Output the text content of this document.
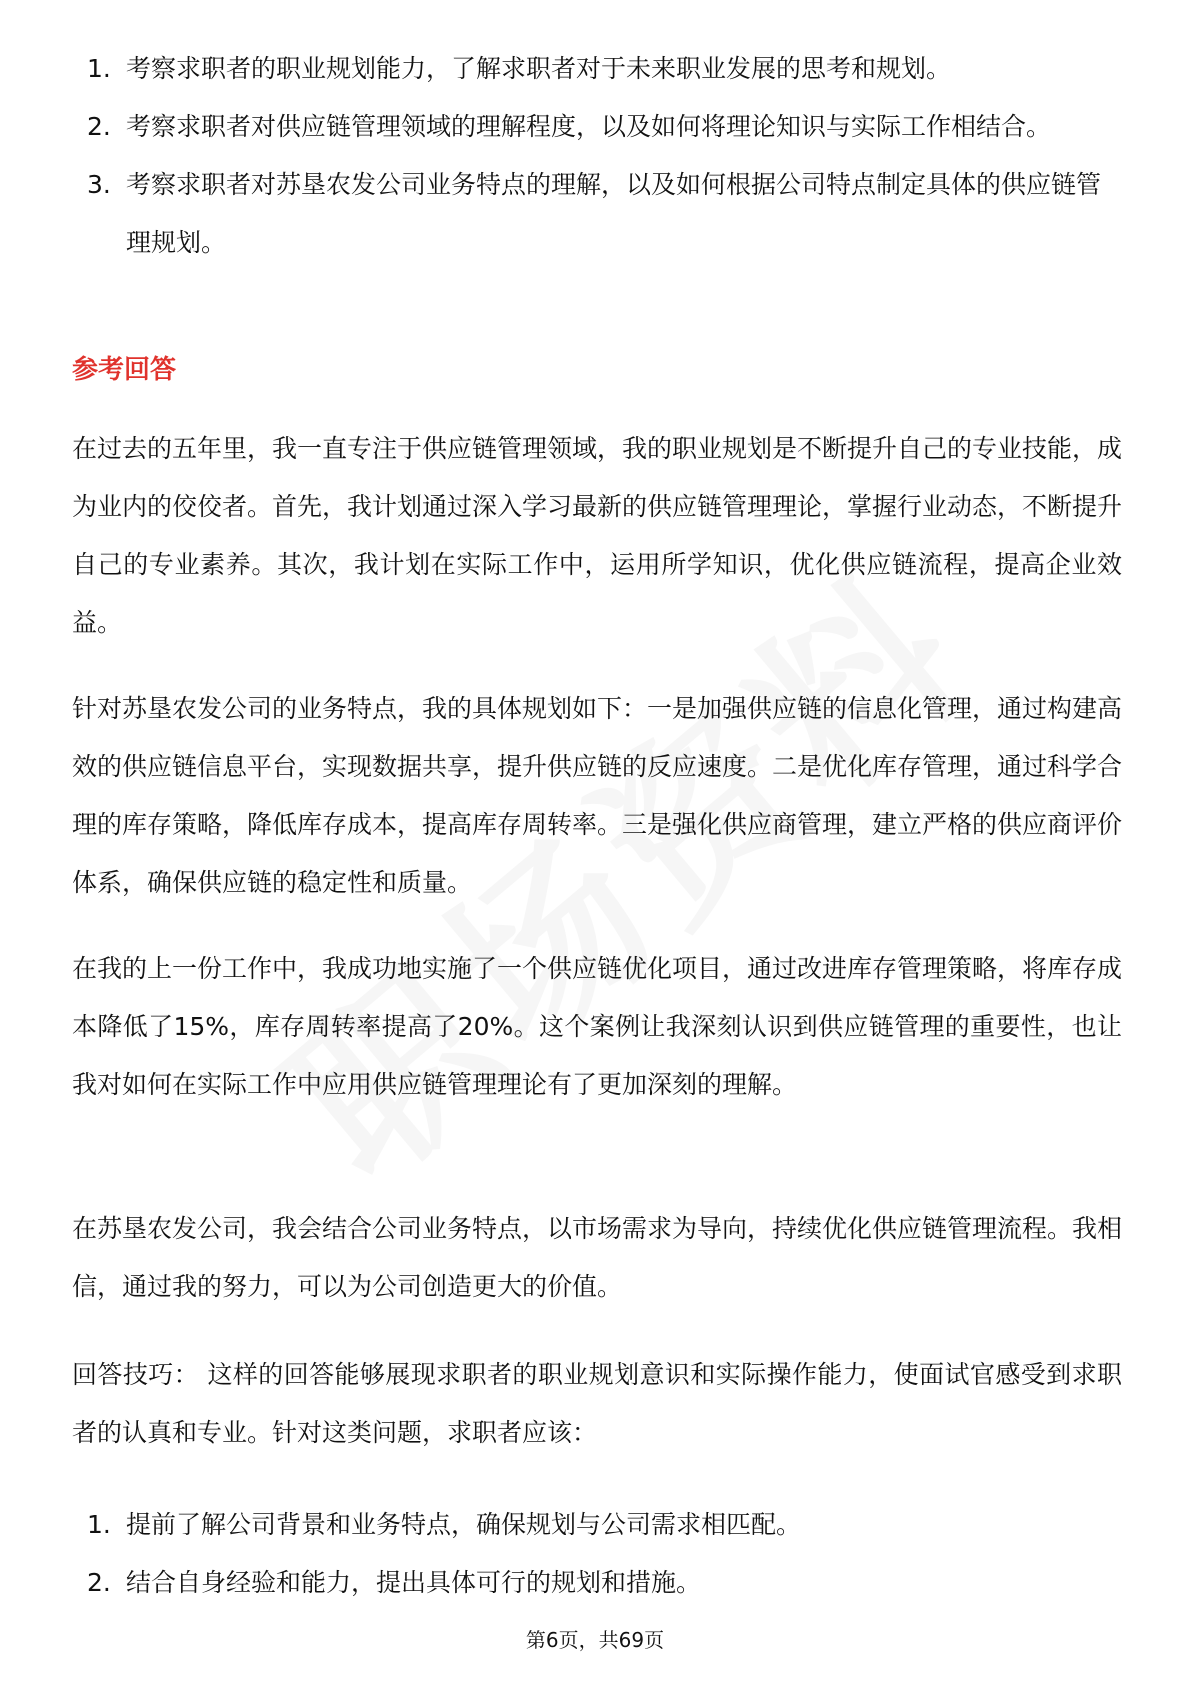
1. 考察求职者的职业规划能力，了解求职者对于未来职业发展的思考和规划。
2. 考察求职者对供应链管理领域的理解程度，以及如何将理论知识与实际工作相结合。
3. 考察求职者对苏垦农发公司业务特点的理解，以及如何根据公司特点制定具体的供应链管理规划。
参考回答

在过去的五年里，我一直专注于供应链管理领域，我的职业规划是不断提升自己的专业技能，成为业内的佼佼者。首先，我计划通过深入学习最新的供应链管理理论，掌握行业动态，不断提升自己的专业素养。其次，我计划在实际工作中，运用所学知识，优化供应链流程，提高企业效益。

针对苏垦农发公司的业务特点，我的具体规划如下：一是加强供应链的信息化管理，通过构建高效的供应链信息平台，实现数据共享，提升供应链的反应速度。二是优化库存管理，通过科学合理的库存策略，降低库存成本，提高库存周转率。三是强化供应商管理，建立严格的供应商评价体系，确保供应链的稳定性和质量。

在我的上一份工作中，我成功地实施了一个供应链优化项目，通过改进库存管理策略，将库存成本降低了15%，库存周转率提高了20%。这个案例让我深刻认识到供应链管理的重要性，也让我对如何在实际工作中应用供应链管理理论有了更加深刻的理解。

在苏垦农发公司，我会结合公司业务特点，以市场需求为导向，持续优化供应链管理流程。我相信，通过我的努力，可以为公司创造更大的价值。

回答技巧： 这样的回答能够展现求职者的职业规划意识和实际操作能力，使面试官感受到求职者的认真和专业。针对这类问题，求职者应该：

1. 提前了解公司背景和业务特点，确保规划与公司需求相匹配。
2. 结合自身经验和能力，提出具体可行的规划和措施。
第6页，共69页
